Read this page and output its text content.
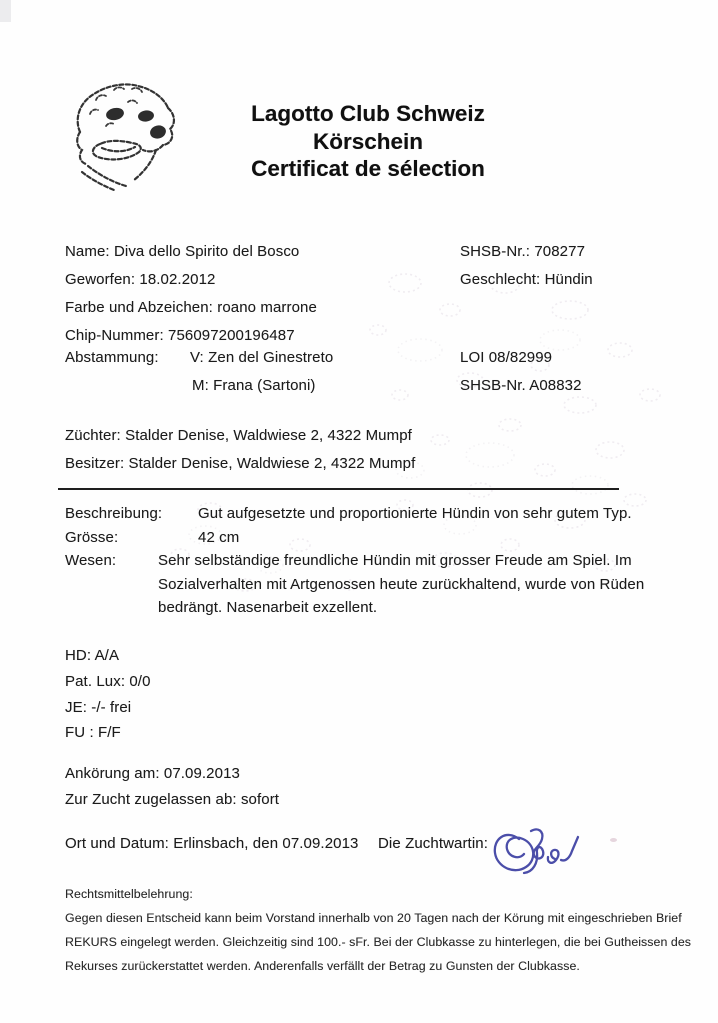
Lagotto Club Schweiz
Körschein
Certificat de sélection
Name: Diva dello Spirito del Bosco
Geworfen: 18.02.2012
Farbe und Abzeichen: roano marrone
Chip-Nummer: 756097200196487
SHSB-Nr.: 708277
Geschlecht: Hündin
Abstammung: V: Zen del Ginestreto
M: Frana (Sartoni)
LOI 08/82999
SHSB-Nr. A08832
Züchter: Stalder Denise, Waldwiese 2, 4322 Mumpf
Besitzer: Stalder Denise, Waldwiese 2, 4322 Mumpf
Beschreibung: Gut aufgesetzte und proportionierte Hündin von sehr gutem Typ.
Grösse:	42 cm
Wesen:	Sehr selbständige freundliche Hündin mit grosser Freude am Spiel. Im
Sozialverhalten mit Artgenossen heute zurückhaltend, wurde von Rüden
bedrängt. Nasenarbeit exzellent.
HD: A/A
Pat. Lux: 0/0
JE: -/- frei
FU : F/F
Ankörung am: 07.09.2013
Zur Zucht zugelassen ab: sofort
Ort und Datum: Erlinsbach, den 07.09.2013 Die Zuchtwartin:
Rechtsmittelbelehrung:
Gegen diesen Entscheid kann beim Vorstand innerhalb von 20 Tagen nach der Körung mit eingeschrieben Brief
REKURS eingelegt werden. Gleichzeitig sind 100.- sFr. Bei der Clubkasse zu hinterlegen, die bei Gutheissen des
Rekurses zurückerstattet werden. Anderenfalls verfällt der Betrag zu Gunsten der Clubkasse.
